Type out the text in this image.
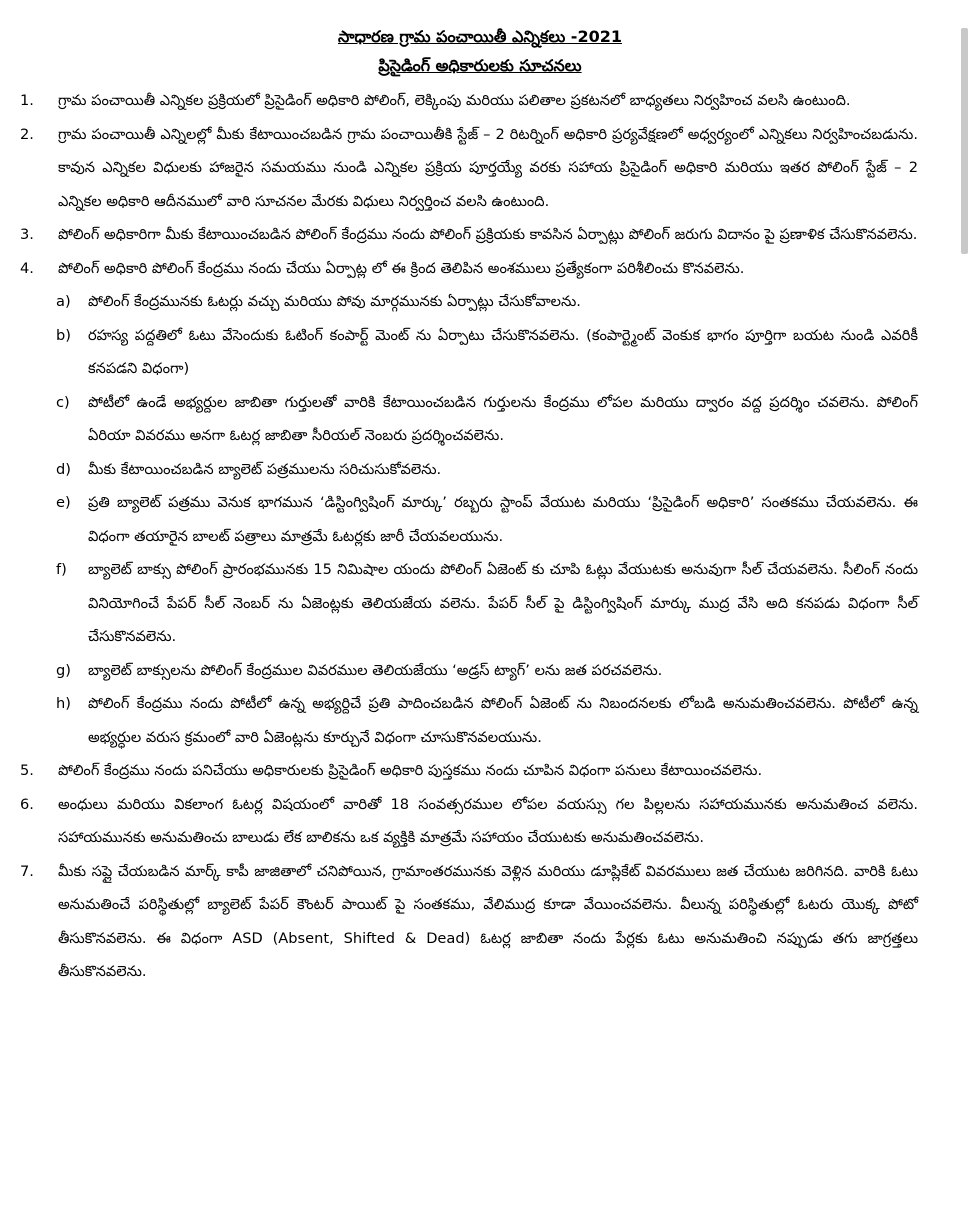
సాధారణ గ్రామ పంచాయితీ ఎన్నికలు -2021
ప్రిసైడింగ్ అధికారులకు సూచనలు
1.	గ్రామ పంచాయితీ ఎన్నికల ప్రక్రియలో ప్రిసైడింగ్ అధికారి పోలింగ్, లెక్కింపు మరియు పలితాల ప్రకటనలో బాధ్యతలు నిర్వహించ వలసి ఉంటుంది.
2.	గ్రామ పంచాయితీ ఎన్నిలల్లో మీకు కేటాయించబడిన గ్రామ పంచాయితీకి స్టేజ్ – 2 రిటర్నింగ్ అధికారి ప్రర్యవేక్షణలో అధ్వర్యంలో ఎన్నికలు నిర్వహించబడును. కావున ఎన్నికల విధులకు హాజరైన సమయము నుండి ఎన్నికల ప్రక్రియ పూర్తయ్యే వరకు సహాయ ప్రిసైడింగ్ అధికారి మరియు ఇతర పోలింగ్ స్టేజ్ – 2 ఎన్నికల అధికారి ఆదీనములో వారి సూచనల మేరకు విధులు నిర్వర్తించ వలసి ఉంటుంది.
3.	పోలింగ్ అధికారిగా మీకు కేటాయించబడిన పోలింగ్ కేంద్రము నందు పోలింగ్ ప్రక్రియకు కావసిన ఏర్పాట్లు పోలింగ్ జరుగు విదానం పై ప్రణాళిక చేసుకొనవలెను.
4.	పోలింగ్ అధికారి పోలింగ్ కేంద్రము నందు చేయు ఏర్పాట్ల లో ఈ క్రింద తెలిపిన అంశములు ప్రత్యేకంగా పరిశీలించు కొనవలెను.
a)	పోలింగ్ కేంద్రమునకు ఓటర్లు వచ్చు మరియు పోవు మార్గమునకు ఏర్పాట్లు చేసుకోవాలను.
b)	రహస్య పద్దతిలో ఓటు వేసెందుకు ఓటింగ్ కంపార్ట్ మెంట్ ను ఏర్పాటు చేసుకొనవలెను. (కంపార్ట్మెంట్ వెంకుక భాగం పూర్తిగా బయట నుండి ఎవరికీ కనపడని విధంగా)
c)	పోటీలో ఉండే అభ్యర్దుల జాబితా గుర్తులతో వారికి కేటాయించబడిన గుర్తులను కేంద్రము లోపల మరియు ద్వారం వద్ద ప్రదర్శిం చవలెను. పోలింగ్ ఏరియా వివరము అనగా ఓటర్ల జాబితా సీరియల్ నెంబరు ప్రదర్శించవలెను.
d)	మీకు కేటాయించబడిన బ్యాలెట్ పత్రములను సరిచుసుకోవలెను.
e)	ప్రతి బ్యాలెట్ పత్రము వెనుక భాగమున ‘డిస్టింగ్విషింగ్ మార్కు’ రబ్బరు స్టాంప్ వేయుట మరియు ‘ప్రిసైడింగ్ అధికారి’ సంతకము చేయవలెను. ఈ విధంగా తయారైన బాలట్ పత్రాలు మాత్రమే ఓటర్లకు జారీ చేయవలయును.
f)	బ్యాలెట్ బాక్సు పోలింగ్ ప్రారంభమునకు 15 నిమిషాల యందు పోలింగ్ ఏజెంట్ కు చూపి ఓట్లు వేయుటకు అనువుగా సీల్ చేయవలెను. సీలింగ్ నందు వినియోగించే పేపర్ సీల్ నెంబర్ ను ఏజెంట్లకు తెలియజేయ వలెను. పేపర్ సీల్ పై డిస్టింగ్విషింగ్ మార్కు ముద్ర వేసి అది కనపడు విధంగా సీల్ చేసుకొనవలెను.
g)	బ్యాలెట్ బాక్సులను పోలింగ్ కేంద్రముల వివరముల తెలియజేయు ‘అడ్రస్ ట్యాగ్’ లను జత పరచవలెను.
h)	పోలింగ్ కేంద్రము నందు పోటీలో ఉన్న అభ్యర్దిచే ప్రతి పాదించబడిన పోలింగ్ ఏజెంట్ ను నిబందనలకు లోబడి అనుమతించవలెను. పోటీలో ఉన్న అభ్యర్ధుల వరుస క్రమంలో వారి ఏజెంట్లను కూర్చునే విధంగా చూసుకొనవలయును.
5.	పోలింగ్ కేంద్రము నందు పనిచేయు అధికారులకు ప్రిసైడింగ్ అధికారి పుస్తకము నందు చూపిన విధంగా పనులు కేటాయించవలెను.
6.	అంధులు మరియు వికలాంగ ఓటర్ల విషయంలో వారితో 18 సంవత్సరముల లోపల వయస్సు గల పిల్లలను సహాయమునకు అనుమతించ వలెను. సహాయమునకు అనుమతించు బాలుడు లేక బాలికను ఒక వ్యక్తికి మాత్రమే సహాయం చేయుటకు అనుమతించవలెను.
7.	మీకు సప్లై చేయబడిన మార్క్ కాపీ జాజితాలో చనిపోయిన, గ్రామాంతరమునకు వెళ్లిన మరియు డూప్లికేట్ వివరములు జత చేయుట జరిగినది. వారికి ఓటు అనుమతించే పరిస్థితుల్లో బ్యాలెట్ పేపర్ కౌంటర్ పాయిట్ పై సంతకము, వేలిముద్ర కూడా వేయించవలెను. వీలున్న పరిస్థితుల్లో ఓటరు యొక్క పోటో తీసుకొనవలెను. ఈ విధంగా ASD (Absent, Shifted & Dead) ఓటర్ల జాబితా నందు పేర్లకు ఓటు అనుమతించి నప్పుడు తగు జాగ్రత్తలు తీసుకొనవలెను.
